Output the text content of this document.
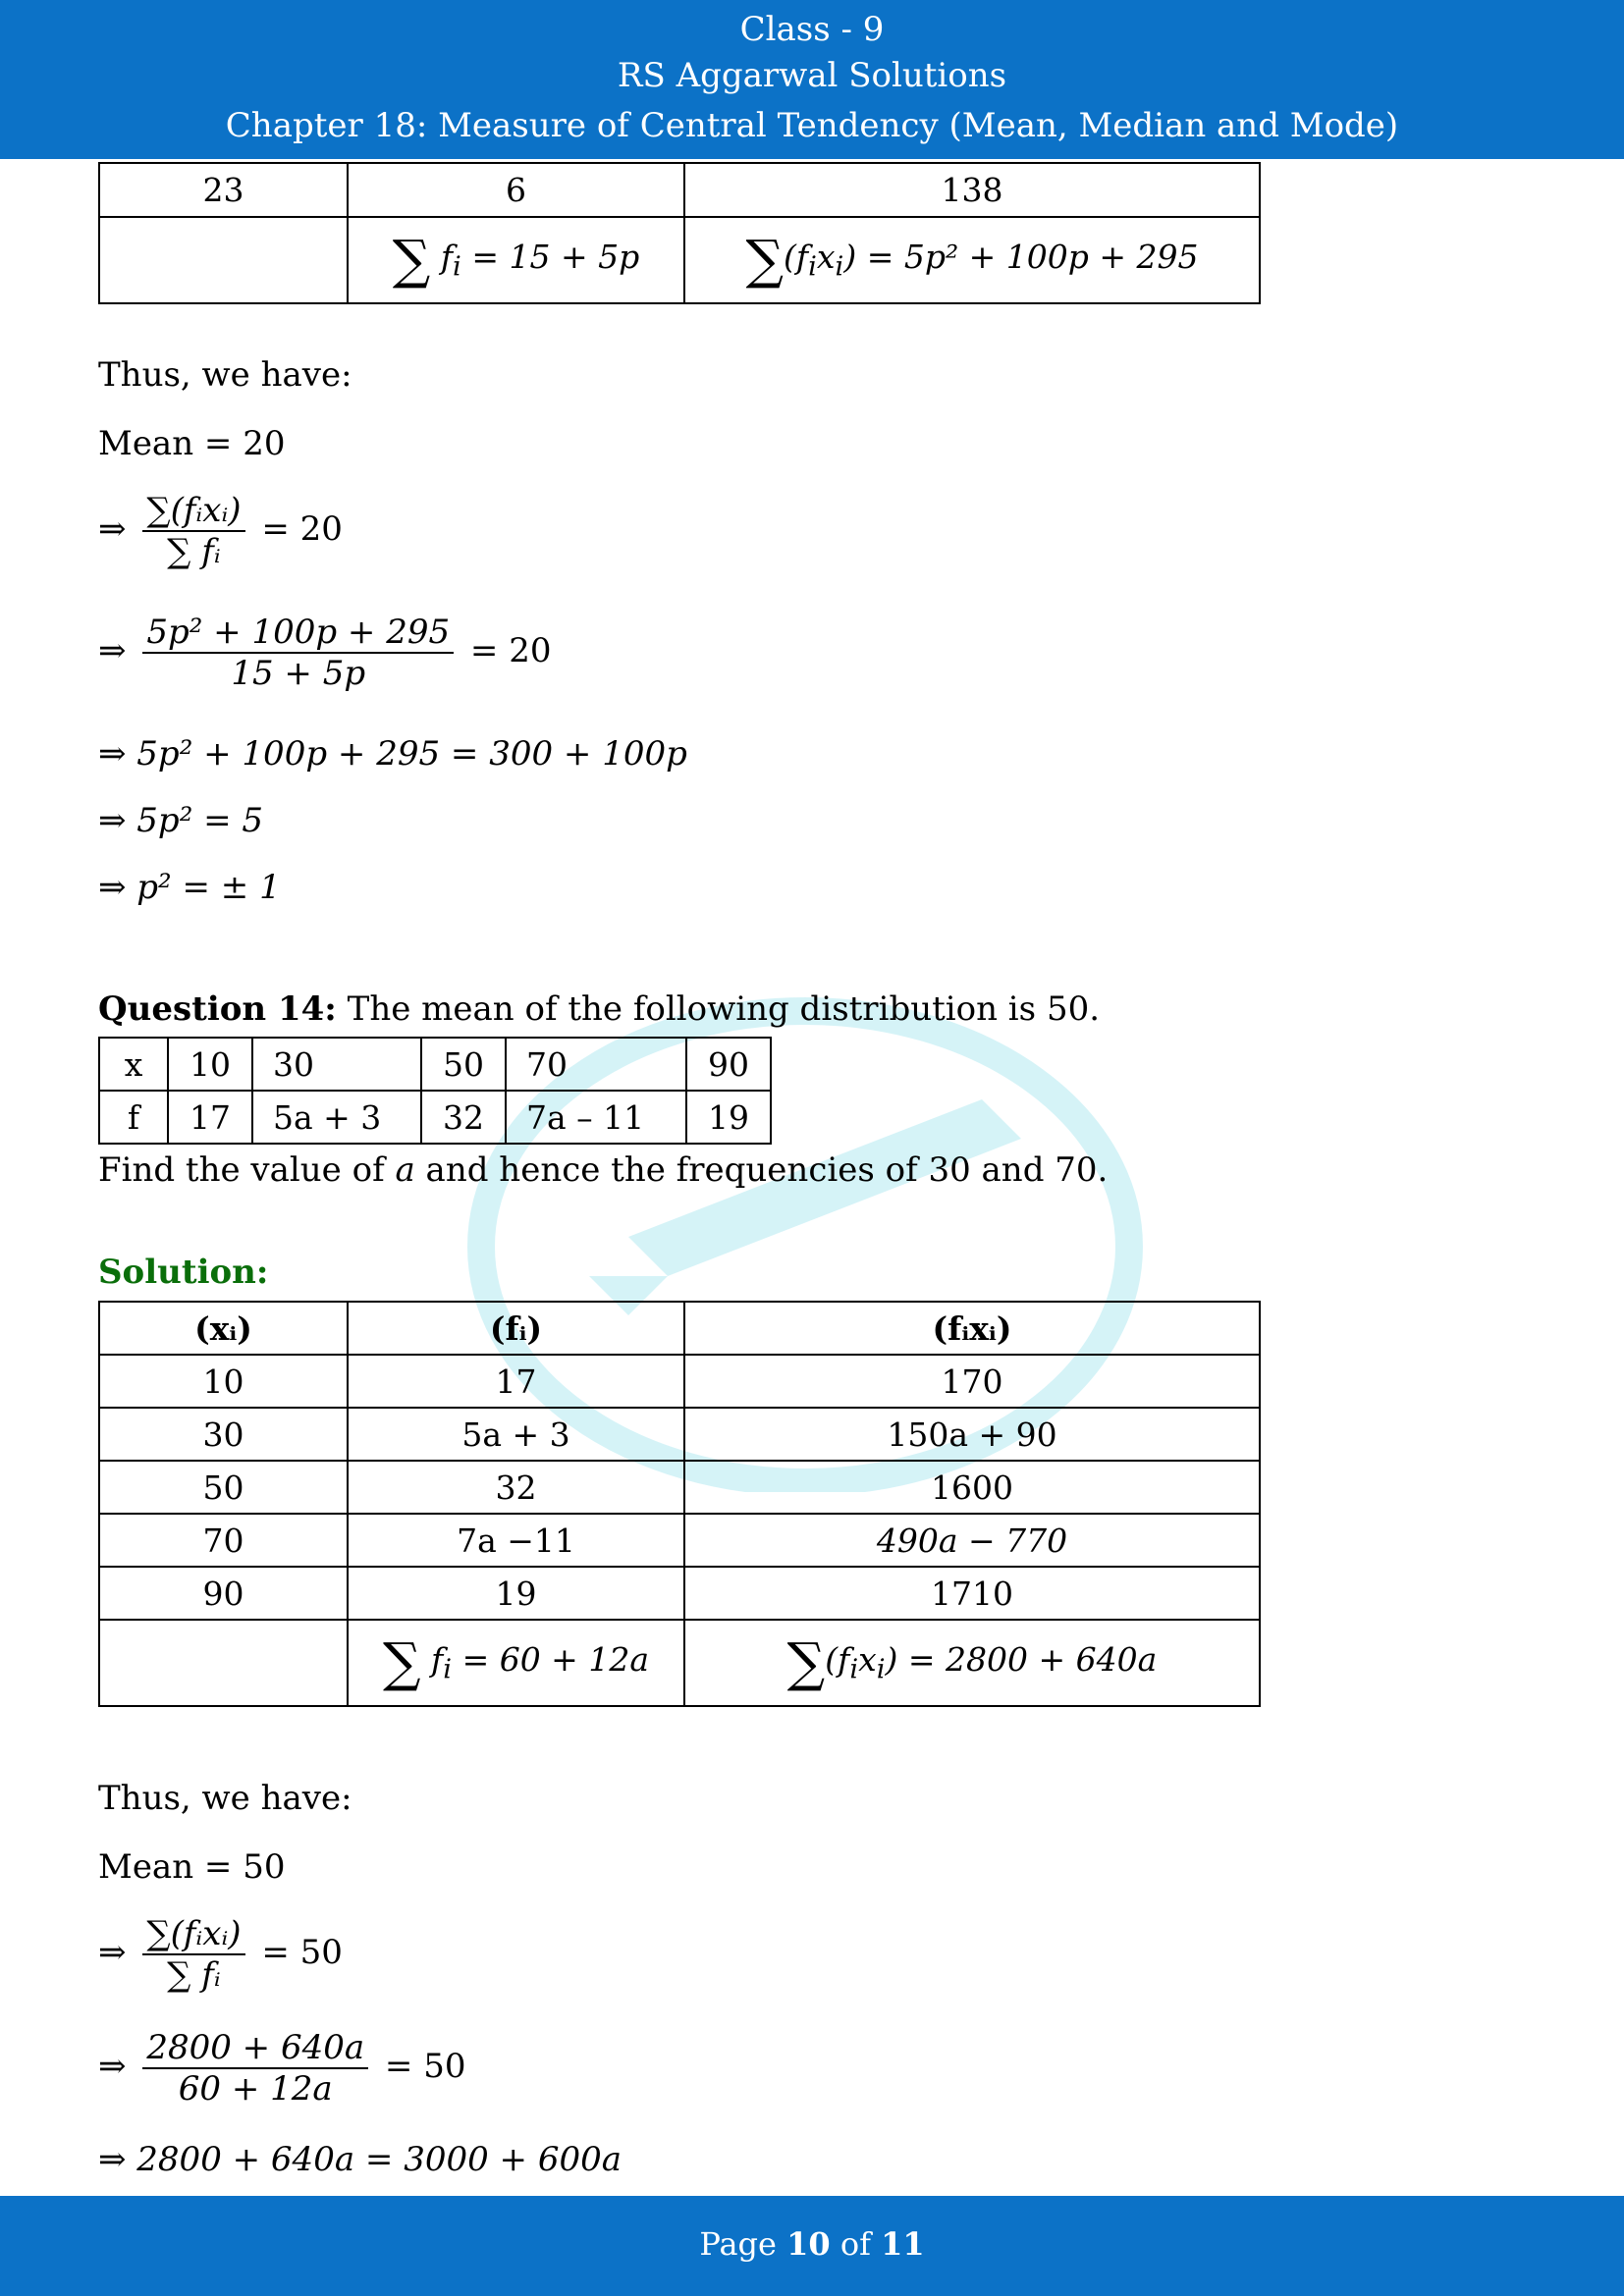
Class - 9
RS Aggarwal Solutions
Chapter 18: Measure of Central Tendency (Mean, Median and Mode)
23	6	138
	∑ $f_i = 15 + 5p$	$\sum(f_ix_i) = 5p^2 + 100p + 295$
Thus, we have:
Mean = 20
⇒ $\frac{\text{∑(fᵢxᵢ)}}{\text{∑ fᵢ}} = 20$
⇒ $\frac{\text{5p² + 100p + 295}}{15 + 5p} = 20$
⇒ 5p² + 100p + 295 = 300 + 100p
⇒ 5p² = 5
⇒ p² = ± 1
Question 14: The mean of the following distribution is 50.
x	10	30	50	70	90
f	17	5a + 3	32	7a – 11	19
Find the value of a and hence the frequencies of 30 and 70.
Solution:
(xᵢ)	(fᵢ)	(fᵢxᵢ)
10	17	170
30	5a + 3	150a + 90
50	32	1600
70	7a −11	490a − 770
90	19	1710
	∑ $f_i = 60 + 12a$	$\sum(f_ix_i) = 2800 + 640a$
Thus, we have:
Mean = 50
⇒ $\frac{\text{∑(fᵢxᵢ)}}{\text{∑ fᵢ}} = 50$
⇒ $\frac{2800 + 640a}{60 + 12a} = 50$
⇒ 2800 + 640a = 3000 + 600a
Page 10 of 11
